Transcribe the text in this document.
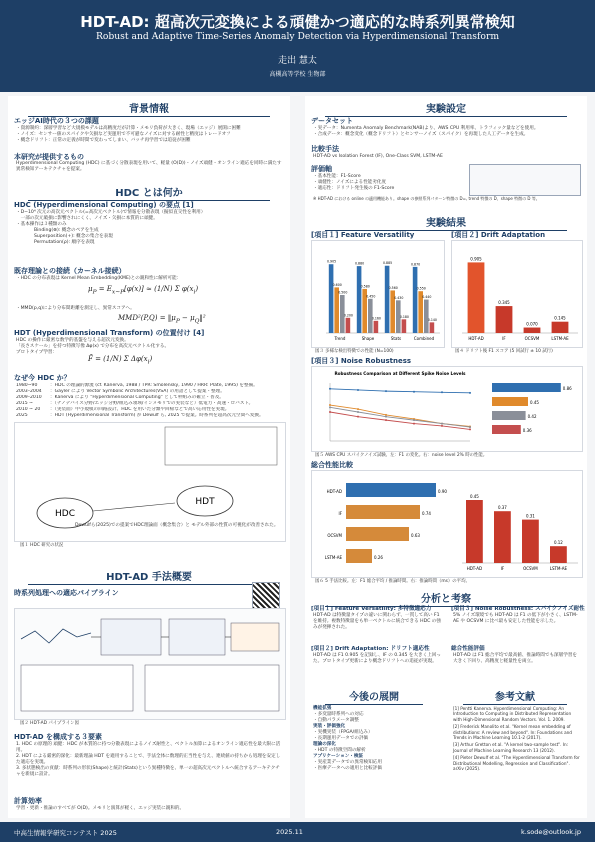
HDT-AD: 超高次元変換による頑健かつ適応的な時系列異常検知
Robust and Adaptive Time-Series Anomaly Detection via Hyperdimensional Transform
走出 慧太
高槻高等学校 生物部
背景情報
エッジAI時代の３つの課題
・資源制約：深層学習など大規模モデルは高精度だが計算・メモリ負荷が大きく、現場（エッジ）展開に困難
・ノイズ：センサー値のスパイクや欠損など実運用で不可避なノイズに対する耐性と精度はトレードオフ
・概念ドリフト：正常の定義が時間で変わってしまい、バッチ再学習では追従が困難
本研究が提供するもの
Hyperdimensional Computing (HDC) に基づく分散表現を用いて、軽量 (O(D))・ノイズ頑健・オンライン適応を同時に満たす異常検知アーキテクチャを提案。
HDC とは何か
HDC (Hyperdimensional Computing) の要点 [1]
・D∼10⁴ 次元の高次元ベクトル(=高次元ベクトル)で情報を分散表現（擬似直交性を利用）
　一部の次元破損に影響されにくく、ノイズ・欠損に本質的に頑健。
・基本操作は３種類のみ
Binding(⊗): 概念のペアを生成
Superposition(+): 概念の集合を表現
Permutation(ρ): 順序を表現
既存理論との接続（カーネル接続）
・HDC の分布表現は Kernel Mean Embedding(KME)との親和性に解析可能：
$\mu_P = E_{x\sim P}[\varphi(x)] \approx (1/N)$ Σ $\varphi(x_i)$
・MMD(p,q)により分布間距離を測定し、異常スコアへ。
$MMD^2(P,Q) = ‖\mu_P$ − $\mu_Q‖^2$
HDT (Hyperdimensional Transform) の位置付け [4]
HDC の操作に厳密な数学的基盤を与える超次元変換。
「長さスケール」を持つ特徴写像 Δφ(x) で分布を高次元ベクトル化する。
プロトタイプ学習：
F̄ = (1/N) Σ $\Delta\varphi(x_i)$
なぜ今 HDC か？
1980~90	：HDC の理論的源流 (cf. Kanerva, 1988 / TPR: Smolensky, 1990 / HRR: Plate, 1995) を整備。
2003–2004 ：Gayler により Vector Symbolic Architectures(VSA) の用語として提案・整理。
2009–2010 ：Kanerva により "Hyperdimensional Computing" として枠組みの確立・普及。
2015 ~	：（ナノデバイス分野/エッジ分野/組込み領域/インメモリでの実装など）低電力・高速・ロバスト。
2010 ~ 20 ：（実装面）中小規模の回路設計、HDC を用いた分類や回帰などで高い応用性を実現。
2025	：HDT (Hyperdimensional Transform) が Dewulf ら, 2025 で提案。時系列を超高次元空間へ変換。
HDC
HDT
Dewulfら(2025)での提案でHDC理論面（概念集合）と モデル外部の性質の可視化が改善された。
図１ HDC 研究の状況
HDT-AD 手法概要
時系列処理への適応パイプライン
図２ HDT-AD パイプライン図
HDT-AD を構成する３要素
1. HDC の原理的 頑健：HDC が本質的に持つ分散表現によるノイズ耐性と、ベクトル加算によるオンライン適応性を最大限に活用。
2. HDT による厳密的深化：最新理論 HDT を適用することで、手法全体に数理的正当性を与え、連続値の持ちから処理を安定した適応を実現。
3. 多状態検出の貢献：時系列の形状(Shape)と統計(Stats)という異種特徴を、単一の超高次元ベクトルへ統合するアーキテクチャを新規に設計。
計算効率
学習・更新・推論のすべてが O(D)。メモリと演算が軽く、エッジ実装に親和的。
実験設定
データセット
・実データ：Numenta Anomaly Benchmark(NAB)より、AWS CPU 利用率、トラフィック量などを使用。
・合成データ：概念変化（概念ドリフト）とセンサーノイズ（スパイク）を再現した人工データを生成。
比較手法
HDT-AD vs Isolation Forest (IF), One-Class SVM, LSTM-AE
評価軸
・基本性能：F1-Score
・頑健性：ノイズによる性能劣化度
・適応性：ドリフト発生後の F1-Score
※ HDT-AD における online の適用機能あり。shape の参照系列パターン特徴の D=, trend 特徴の D、shape 特徴の D 等。
実験結果
[項目１] Feature Versatility	[項目２] Drift Adaptation
0.905
0.600
0.500
0.200
Trend
0.880
0.580
0.450
0.160
Shape
0.885
0.560
0.430
0.180
Stats
0.870
0.550
0.440
0.140
Combined
0.905
HDT-AD
0.345
IF
0.070
OCSVM
0.145
LSTM-AE
図３ 多様な検出特徴での性能 (N=100)	図４ ドリフト後 F1 スコア (5 回試行 ± 10 試行)
[項目３] Noise Robustness
Robustness Comparison at Different Spike Noise Levels
0.86
0.45
0.42
0.36
図５ AWS CPU スパイクノイズ試験。左：F1 の変化。右：noise level 2% 時の性能。
総合性能比較
0.90
HDT-AD
0.74
IF
0.63
OCSVM
0.26
LSTM-AE
0.45
HDT-AD
0.37
IF
0.31
OCSVM
0.12
LSTM-AE
図６ 5 手法比較。左：F1 総合平均 / 推論時間。右：推論時間（ms）の平均。
分析と考察
[項目１] Feature Versatility: 多特徴適応力
HDT-AD は特徴量タイプの違いに関わらず、一貫して高い F1 を維持。複数特徴量をも単一ベクトルに統合できる HDC の強みが発揮された。
[項目２] Drift Adaptation: ドリフト適応性
HDT-AD は F1 0.905 を記録し、IF の 0.345 を大きく上回った。プロトタイプ更新により概念ドリフトへの追従が実現。
[項目３] Noise Robustness: スパイクノイズ耐性
5% ノイズ環境でも HDT-AD は F1 の低下が小さく、LSTM-AE や OCSVM に比べ最も安定した性能を示した。
総合性能評価
HDT-AD は F1 総合平均で最高値、推論時間でも深層学習を大きく下回り、高精度と軽量性を両立。
今後の展開	参考文献
機能拡張
・多変量時系列への対応
・自動パラメータ調整
実装・評価強化
・実機実装（FPGA/組込み）
・長期運用データでの評価
理論の深化
・HDT の特徴空間の解析
アプリケーション・検証
・実産業データでの異常検知応用
・医療データへの適用と比較評価
[1] Pentti Kanerva. Hyperdimensional Computing: An Introduction to Computing in Distributed Representation with High-Dimensional Random Vectors. Vol. 1. 2009.
[2] Frederick Manolito et al. "Kernel mean embedding of distributions: A review and beyond". In: Foundations and Trends in Machine Learning 10.1-2 (2017).
[3] Arthur Gretton et al. "A kernel two-sample test". In: Journal of Machine Learning Research 13 (2012).
[4] Pieter Dewulf et al. "The Hyperdimensional Transform for Distributional Modelling, Regression and Classification". arXiv (2025).
中高生情報学研究コンテスト 2025	2025.11	k.sode@outlook.jp
